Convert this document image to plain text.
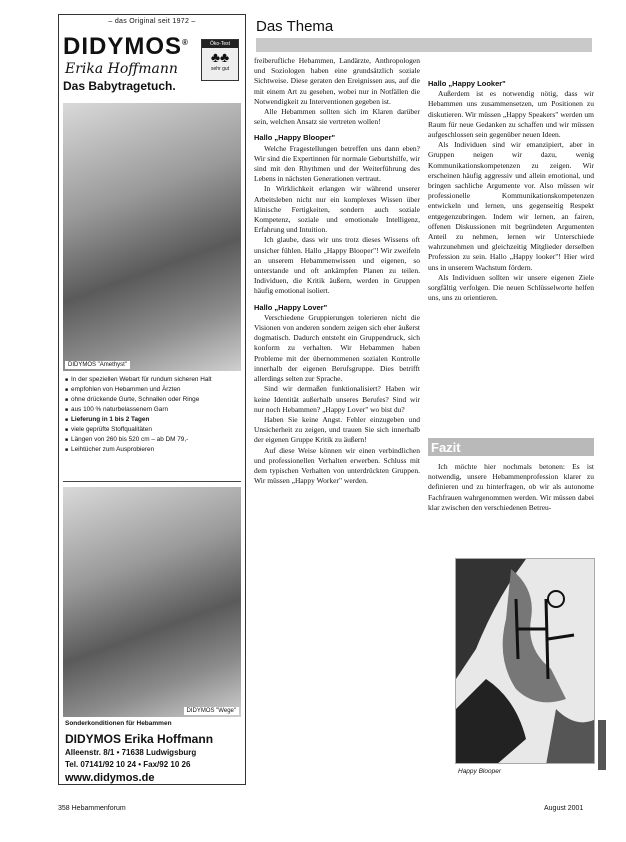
– das Original seit 1972 –
DIDYMOS®
Erika Hoffmann
Das Babytragetuch.
Öko-Test
♣♣
sehr gut
DIDYMOS "Amethyst"
■ In der speziellen Webart für rundum sicheren Halt
■ empfohlen von Hebammen und Ärzten
■ ohne drückende Gurte, Schnallen oder Ringe
■ aus 100 % naturbelassenem Garn
■ Lieferung in 1 bis 2 Tagen
■ viele geprüfte Stoffqualitäten
■ Längen von 260 bis 520 cm – ab DM 79,-
■ Leihtücher zum Ausprobieren
DIDYMOS "Wege"
Sonderkonditionen für Hebammen
DIDYMOS Erika Hoffmann
Alleenstr. 8/1 • 71638 Ludwigsburg
Tel. 07141/92 10 24 • Fax/92 10 26
www.didymos.de
Das Thema

freiberufliche Hebammen, Landärzte, Anthropologen und Soziologen haben eine grundsätzlich soziale Sichtweise. Diese geraten den Ereignissen aus, auf die mit einem Art zu gesehen, wobei nur in Notfällen die Notwendigkeit zu Interventionen gegeben ist.

Alle Hebammen sollten sich im Klaren darüber sein, welchen Ansatz sie vertreten wollen!

Hallo „Happy Blooper"

Welche Fragestellungen betreffen uns dann eben? Wir sind die Expertinnen für normale Geburtshilfe, wir sind mit den Rhythmen und der Weiterführung des Lebens in nächsten Generationen vertraut.

In Wirklichkeit erlangen wir während unserer Arbeitsleben nicht nur ein komplexes Wissen über klinische Fertigkeiten, sondern auch soziale Kompetenz, soziale und emotionale Intelligenz, Erfahrung und Intuition.

Ich glaube, dass wir uns trotz dieses Wissens oft unsicher fühlen. Hallo „Happy Blooper"! Wir zweifeln an unserem Hebammenwissen und eigenen, so unterstande und oft ankämpfen Planen zu teilen. Individuen, die Kritik äußern, werden in Gruppen häufig emotional isoliert.

Hallo „Happy Lover"

Verschiedene Gruppierungen tolerieren nicht die Visionen von anderen sondern zeigen sich eher äußerst dogmatisch. Dadurch entsteht ein Gruppendruck, sich konform zu verhalten. Wir Hebammen haben Probleme mit der übernommenen sozialen Kontrolle innerhalb der eigenen Berufsgruppe. Dies betrifft allerdings selten zur Sprache.

Sind wir dermaßen funktionalisiert? Haben wir keine Identität außerhalb unseres Berufes? Sind wir nur noch Hebammen? „Happy Lover" wo bist du?

Haben Sie keine Angst. Fehler einzugeben und Unsicherheit zu zeigen, und trauen Sie sich innerhalb der eigenen Gruppe Kritik zu äußern!

Auf diese Weise können wir einen verbindlichen und professionellen Verhalten erwerben. Schluss mit dem typischen Verhalten von unterdrückten Gruppen. Wir müssen „Happy Worker" werden.

Hallo „Happy Looker"

Außerdem ist es notwendig nötig, dass wir Hebammen uns zusammensetzen, um Positionen zu diskutieren. Wir müssen „Happy Speakers" werden um Raum für neue Gedanken zu schaffen und wir müssen aufgeschlossen sein gegenüber neuen Ideen.

Als Individuen sind wir emanzipiert, aber in Gruppen neigen wir dazu, wenig Kommunikationskompetenzen zu zeigen. Wir erscheinen häufig aggressiv und allein emotional, und bringen sachliche Argumente vor. Also müssen wir professionelle Kommunikationskompetenzen entwickeln und lernen, uns gegenseitig Respekt entgegenzubringen. Indem wir lernen, an fairen, offenen Diskussionen mit begründeten Argumenten Anteil zu nehmen, lernen wir Unterschiede wahrzunehmen und gleichzeitig Mitglieder derselben Profession zu sein. Hallo „Happy looker"! Hier wird uns in unserem Wachstum fördern.

Als Individuen sollten wir unsere eigenen Ziele sorgfältig verfolgen. Die neuen Schlüsselworte helfen uns, uns zu orientieren.

Fazit

Ich möchte hier nochmals betonen: Es ist notwendig, unsere Hebammenprofession klarer zu definieren und zu hinterfragen, ob wir als autonome Fachfrauen wahrgenommen werden. Wir müssen dabei klar zwischen den verschiedenen Betreu-

Happy Blooper
358 Hebammenforum	August 2001
